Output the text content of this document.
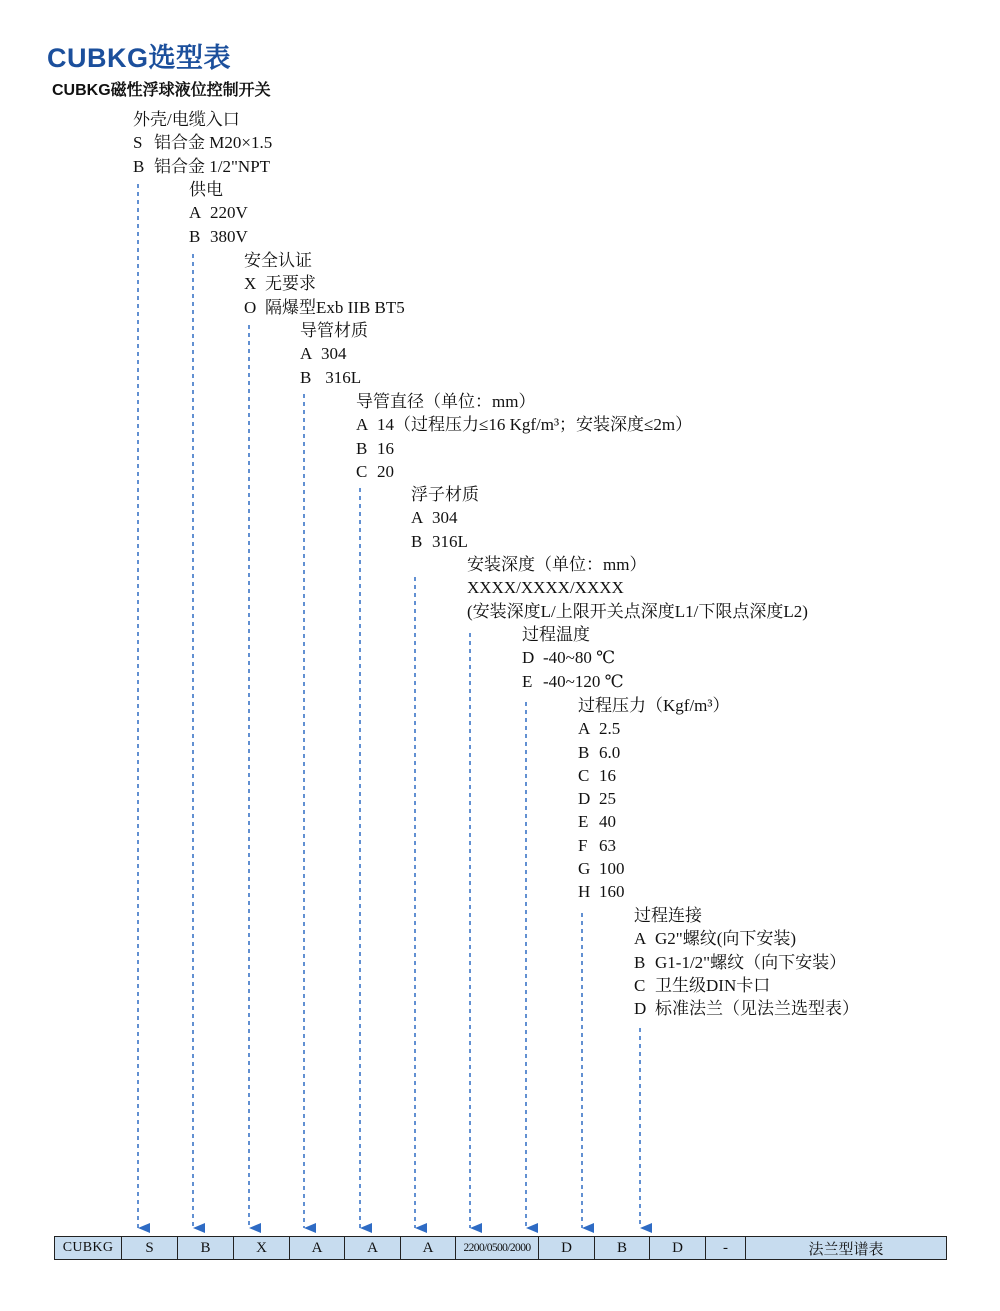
CUBKG选型表
CUBKG磁性浮球液位控制开关
外壳/电缆入口
S 铝合金 M20×1.5
B 铝合金 1/2"NPT
供电
A 220V
B 380V
安全认证
X 无要求
O 隔爆型Exb IIB BT5
导管材质
A 304
B 316L
导管直径（单位：mm）
A 14（过程压力≤16 Kgf/m³；安装深度≤2m）
B 16
C 20
浮子材质
A 304
B 316L
安装深度（单位：mm）
XXXX/XXXX/XXXX
(安装深度L/上限开关点深度L1/下限点深度L2)
过程温度
D -40~80 ℃
E -40~120 ℃
过程压力（Kgf/m³）
A 2.5
B 6.0
C 16
D 25
E 40
F 63
G 100
H 160
过程连接
A G2"螺纹(向下安装)
B G1-1/2"螺纹（向下安装）
C 卫生级DIN卡口
D 标准法兰（见法兰选型表）
CUBKG	S	B	X	A	A	A	2200/0500/2000	D	B	D	-	法兰型谱表
